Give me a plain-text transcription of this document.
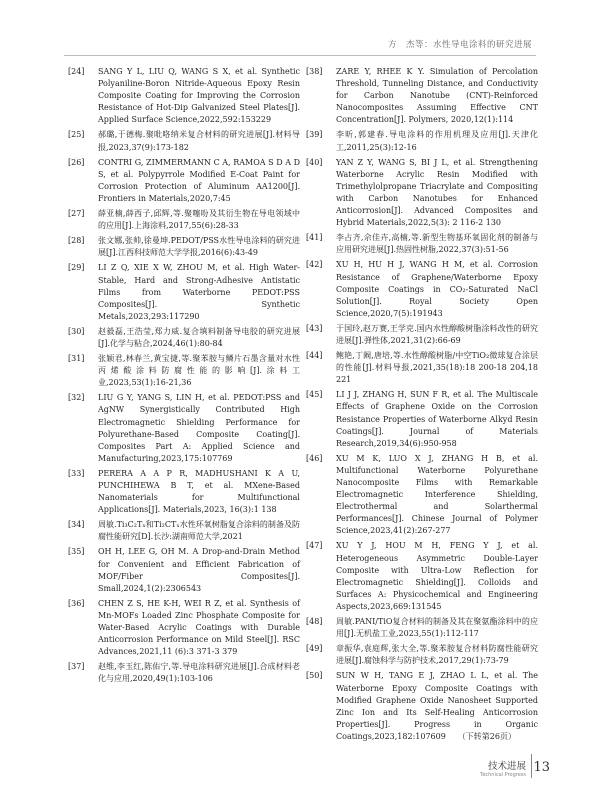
方　杰等：水性导电涂料的研究进展
[24]	SANG Y L, LIU Q, WANG S X, et al. Synthetic Polyaniline-Boron Nitride-Aqueous Epoxy Resin Composite Coating for Improving the Corrosion Resistance of Hot-Dip Galvanized Steel Plates[J]. Applied Surface Science,2022,592:153229
[25]	郝璐,于德梅.聚吡咯纳米复合材料的研究进展[J].材料导报,2023,37(9):173-182
[26]	CONTRI G, ZIMMERMANN C A, RAMOA S D A D S, et al. Polypyrrole Modified E-Coat Paint for Corrosion Protection of Aluminum AA1200[J]. Frontiers in Materials,2020,7:45
[27]	薛亚楠,薛西子,邱辉,等.聚噻吩及其衍生物在导电领域中的应用[J].上海涂料,2017,55(6):28-33
[28]	张文娜,张帅,徐曼坤.PEDOT/PSS水性导电涂料的研究进展[J].江西科技师范大学学报,2016(6):43-49
[29]	LI Z Q, XIE X W, ZHOU M, et al. High Water-Stable, Hard and Strong-Adhesive Antistatic Films from Waterborne PEDOT:PSS Composites[J]. Synthetic Metals,2023,293:117290
[30]	赵毅磊,王浩莹,郑力威.复合填料制备导电胶的研究进展[J].化学与粘合,2024,46(1):80-84
[31]	张颖君,林春兰,黄宝捷,等.聚苯胺与鳞片石墨含量对水性丙烯酸涂料防腐性能的影响[J].涂料工业,2023,53(1):16-21,36
[32]	LIU G Y, YANG S, LIN H, et al. PEDOT:PSS and AgNW Synergistically Contributed High Electromagnetic Shielding Performance for Polyurethane-Based Composite Coating[J]. Composites Part A: Applied Science and Manufacturing,2023,175:107769
[33]	PERERA A A P R, MADHUSHANI K A U, PUNCHIHEWA B T, et al. MXene-Based Nanomaterials for Multifunctional Applications[J]. Materials,2023, 16(3):1 138
[34]	周敏.Ti₃C₂Tₓ和Ti₂CTₓ水性环氧树脂复合涂料的制备及防腐性能研究[D].长沙:湖南师范大学,2021
[35]	OH H, LEE G, OH M. A Drop-and-Drain Method for Convenient and Efficient Fabrication of MOF/Fiber Composites[J]. Small,2024,1(2):2306543
[36]	CHEN Z S, HE K-H, WEI R Z, et al. Synthesis of Mn-MOFs Loaded Zinc Phosphate Composite for Water-Based Acrylic Coatings with Durable Anticorrosion Performance on Mild Steel[J]. RSC Advances,2021,11 (6):3 371-3 379
[37]	赵维,李玉红,陈佑宁,等.导电涂料研究进展[J].合成材料老化与应用,2020,49(1):103-106
[38]	ZARE Y, RHEE K Y. Simulation of Percolation Threshold, Tunneling Distance, and Conductivity for Carbon Nanotube (CNT)-Reinforced Nanocomposites Assuming Effective CNT Concentration[J]. Polymers, 2020,12(1):114
[39]	李昕,郭建春.导电涂料的作用机理及应用[J].天津化工,2011,25(3):12-16
[40]	YAN Z Y, WANG S, BI J L, et al. Strengthening Waterborne Acrylic Resin Modified with Trimethylolpropane Triacrylate and Compositing with Carbon Nanotubes for Enhanced Anticorrosion[J]. Advanced Composites and Hybrid Materials,2022,5(3): 2 116-2 130
[41]	李占齐,佘佳卉,高楠,等.新型生物基环氧固化剂的制备与应用研究进展[J].热固性树脂,2022,37(3):51-56
[42]	XU H, HU H J, WANG H M, et al. Corrosion Resistance of Graphene/Waterborne Epoxy Composite Coatings in CO₂-Saturated NaCl Solution[J]. Royal Society Open Science,2020,7(5):191943
[43]	于国玲,赵万赛,王学克.国内水性醇酸树脂涂料改性的研究进展[J].弹性体,2021,31(2):66-69
[44]	鲍艳,丁阚,唐培,等.水性醇酸树脂/中空TiO₂微球复合涂层的性能[J].材料导报,2021,35(18):18 200-18 204,18 221
[45]	LI J J, ZHANG H, SUN F R, et al. The Multiscale Effects of Graphene Oxide on the Corrosion Resistance Properties of Waterborne Alkyd Resin Coatings[J]. Journal of Materials Research,2019,34(6):950-958
[46]	XU M K, LUO X J, ZHANG H B, et al. Multifunctional Waterborne Polyurethane Nanocomposite Films with Remarkable Electromagnetic Interference Shielding, Electrothermal and Solarthermal Performances[J]. Chinese Journal of Polymer Science,2023,41(2):267-277
[47]	XU Y J, HOU M H, FENG Y J, et al. Heterogeneous Asymmetric Double-Layer Composite with Ultra-Low Reflection for Electromagnetic Shielding[J]. Colloids and Surfaces A: Physicochemical and Engineering Aspects,2023,669:131545
[48]	周敏.PANI/TiO复合材料的制备及其在聚氨酯涂料中的应用[J].无机盐工业,2023,55(1):112-117
[49]	章振华,袁庭辉,张大全,等.聚苯胺复合材料防腐性能研究进展[J].腐蚀科学与防护技术,2017,29(1):73-79
[50]	SUN W H, TANG E J, ZHAO L L, et al. The Waterborne Epoxy Composite Coatings with Modified Graphene Oxide Nanosheet Supported Zinc Ion and Its Self-Healing Anticorrosion Properties[J]. Progress in Organic Coatings,2023,182:107609　　（下转第26页）
技术进展
Technical Progress 13
